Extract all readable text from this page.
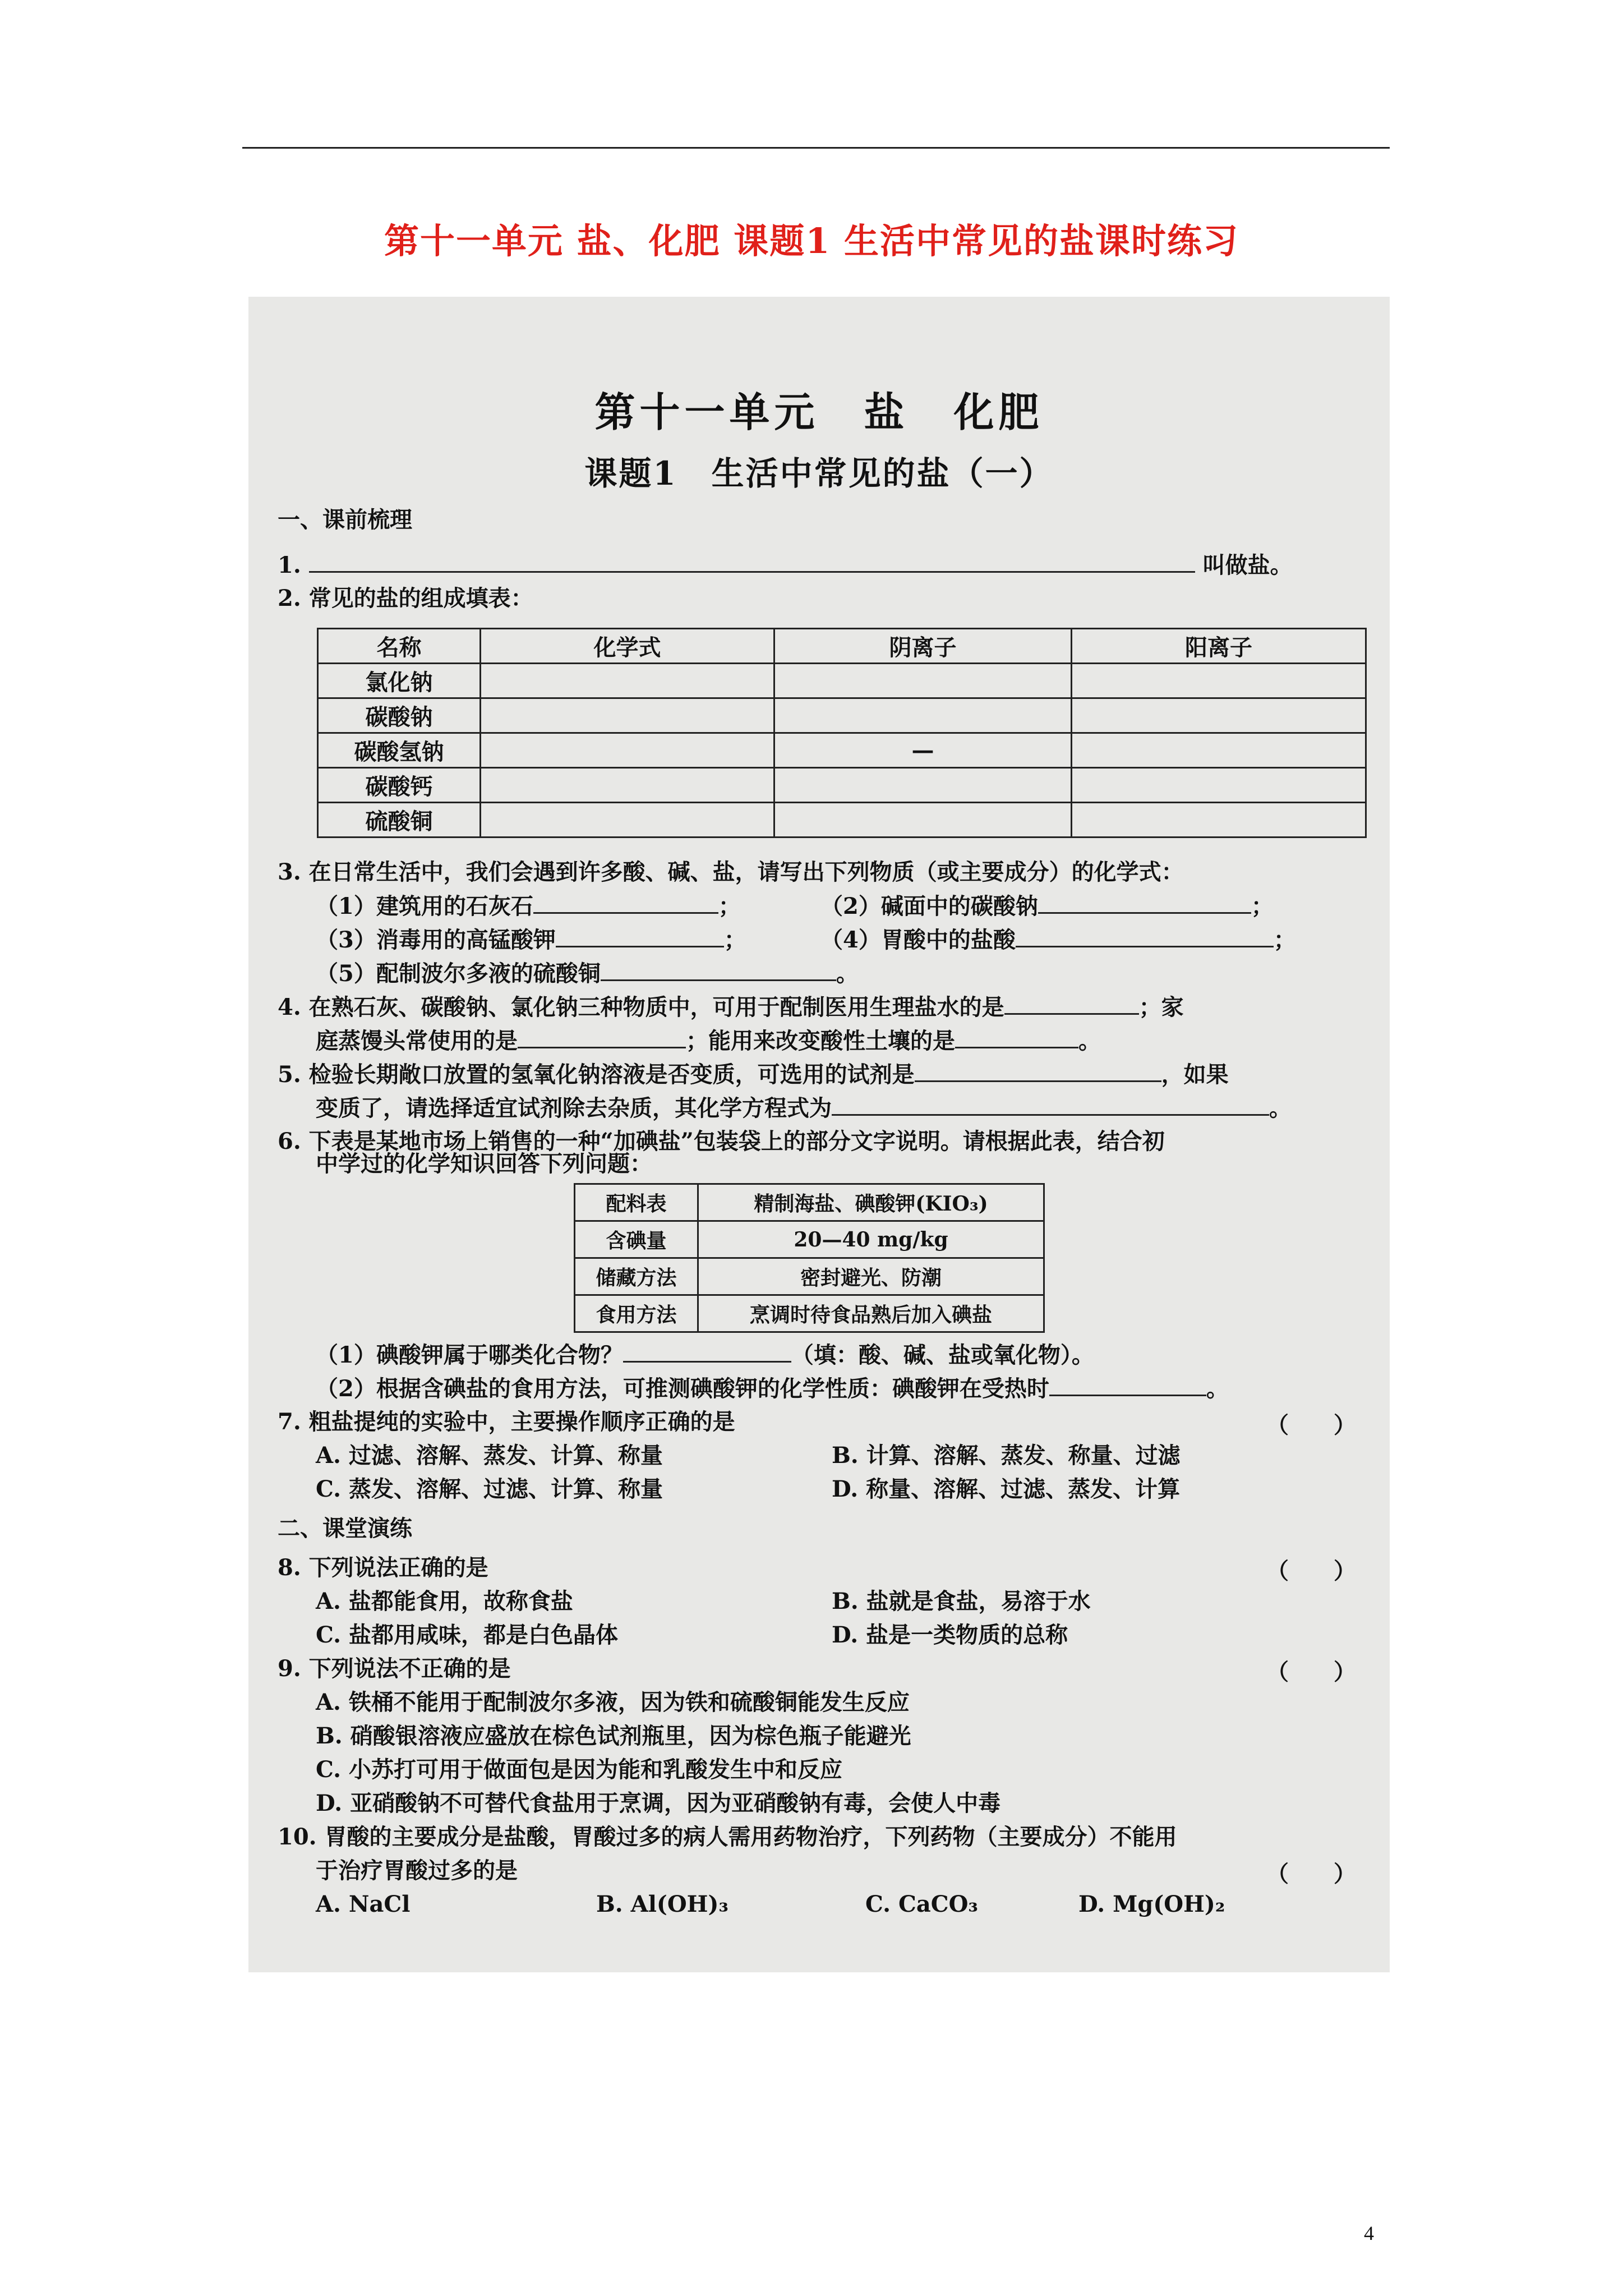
第十一单元 盐、化肥 课题1 生活中常见的盐课时练习
第十一单元　盐　化肥
课题1　生活中常见的盐（一）
一、课前梳理
1.	叫做盐。
2. 常见的盐的组成填表：
名称	化学式	阴离子	阳离子
氯化钠			
碳酸钠			
碳酸氢钠		—	
碳酸钙			
硫酸铜			
3. 在日常生活中，我们会遇到许多酸、碱、盐，请写出下列物质（或主要成分）的化学式：
（1）建筑用的石灰石	；	（2）碱面中的碳酸钠	；
（3）消毒用的高锰酸钾	；	（4）胃酸中的盐酸	；
（5）配制波尔多液的硫酸铜	。
4. 在熟石灰、碳酸钠、氯化钠三种物质中，可用于配制医用生理盐水的是	；家
庭蒸馒头常使用的是	；能用来改变酸性土壤的是	。
5. 检验长期敞口放置的氢氧化钠溶液是否变质，可选用的试剂是	，如果
变质了，请选择适宜试剂除去杂质，其化学方程式为	。
6. 下表是某地市场上销售的一种“加碘盐”包装袋上的部分文字说明。请根据此表，结合初
中学过的化学知识回答下列问题：
配料表	精制海盐、碘酸钾(KIO₃)
含碘量	20—40 mg/kg
储藏方法	密封避光、防潮
食用方法	烹调时待食品熟后加入碘盐
（1）碘酸钾属于哪类化合物？	（填：酸、碱、盐或氧化物）。
（2）根据含碘盐的食用方法，可推测碘酸钾的化学性质：碘酸钾在受热时	。
7. 粗盐提纯的实验中，主要操作顺序正确的是	（　　）
A. 过滤、溶解、蒸发、计算、称量	B. 计算、溶解、蒸发、称量、过滤
C. 蒸发、溶解、过滤、计算、称量	D. 称量、溶解、过滤、蒸发、计算
二、课堂演练
8. 下列说法正确的是	（　　）
A. 盐都能食用，故称食盐	B. 盐就是食盐，易溶于水
C. 盐都用咸味，都是白色晶体	D. 盐是一类物质的总称
9. 下列说法不正确的是	（　　）
A. 铁桶不能用于配制波尔多液，因为铁和硫酸铜能发生反应
B. 硝酸银溶液应盛放在棕色试剂瓶里，因为棕色瓶子能避光
C. 小苏打可用于做面包是因为能和乳酸发生中和反应
D. 亚硝酸钠不可替代食盐用于烹调，因为亚硝酸钠有毒，会使人中毒
10. 胃酸的主要成分是盐酸，胃酸过多的病人需用药物治疗，下列药物（主要成分）不能用
于治疗胃酸过多的是	（　　）
A. NaCl	B. Al(OH)₃	C. CaCO₃	D. Mg(OH)₂
4
